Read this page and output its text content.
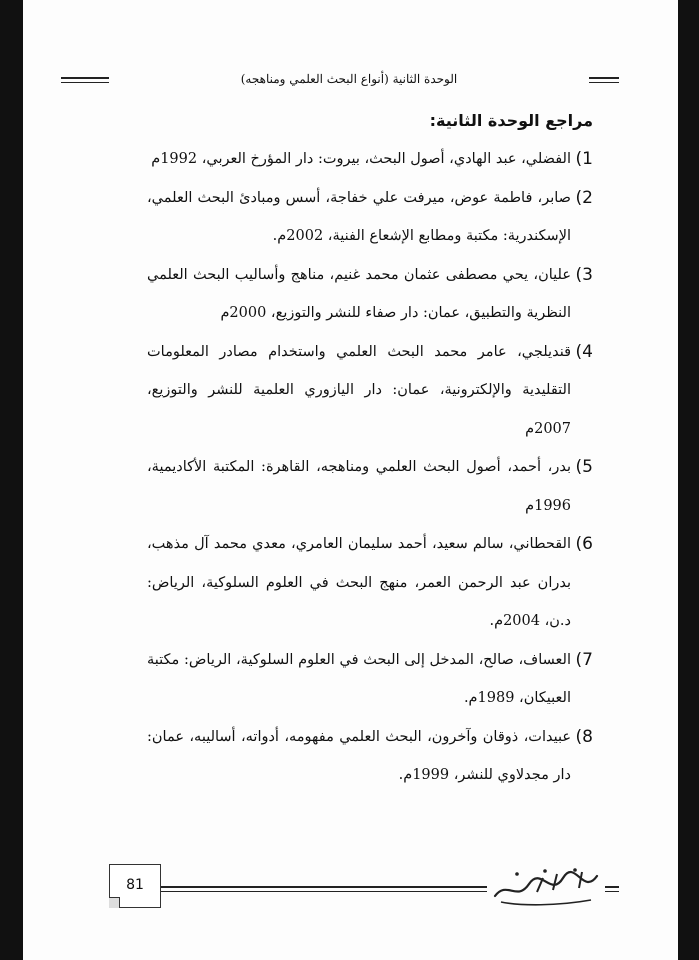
الوحدة الثانية (أنواع البحث العلمي ومناهجه)
مراجع الوحدة الثانية:
1)
الفضلي، عبد الهادي، أصول البحث، بيروت: دار المؤرخ العربي، 1992م
2)
صابر، فاطمة عوض، ميرفت علي خفاجة، أسس ومبادئ البحث العلمي، الإسكندرية: مكتبة ومطابع الإشعاع الفنية، 2002م.
3)
عليان، يحي مصطفى عثمان محمد غنيم، مناهج وأساليب البحث العلمي النظرية والتطبيق، عمان: دار صفاء للنشر والتوزيع، 2000م
4)
قنديلجي، عامر محمد البحث العلمي واستخدام مصادر المعلومات التقليدية والإلكترونية، عمان: دار اليازوري العلمية للنشر والتوزيع، 2007م
5)
بدر، أحمد، أصول البحث العلمي ومناهجه، القاهرة: المكتبة الأكاديمية، 1996م
6)
القحطاني، سالم سعيد، أحمد سليمان العامري، معدي محمد آل مذهب، بدران عبد الرحمن العمر، منهج البحث في العلوم السلوكية، الرياض: د.ن، 2004م.
7)
العساف، صالح، المدخل إلى البحث في العلوم السلوكية، الرياض: مكتبة العبيكان، 1989م.
8)
عبيدات، ذوقان وآخرون، البحث العلمي مفهومه، أدواته، أساليبه، عمان: دار مجدلاوي للنشر، 1999م.
81
